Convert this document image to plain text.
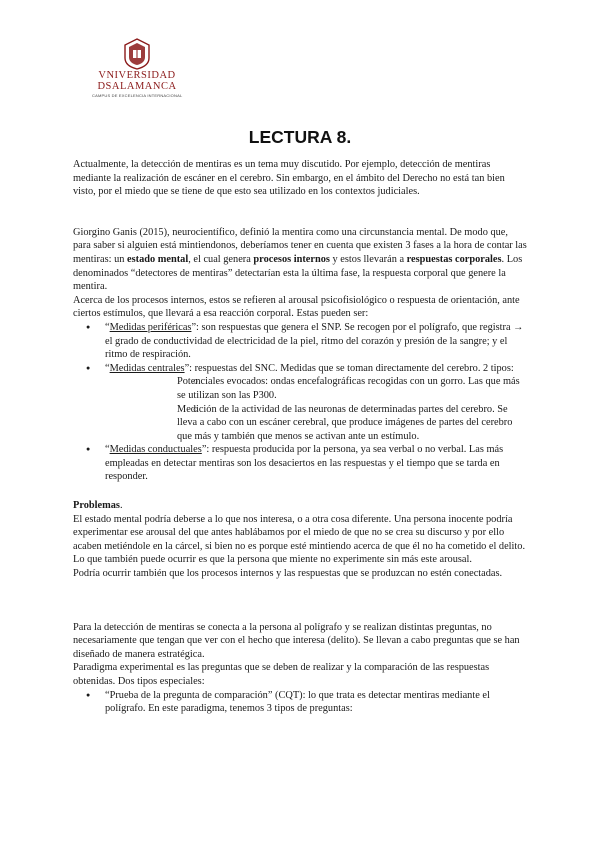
VNIVERSIDAD
DSALAMANCA
CAMPUS DE EXCELENCIA INTERNACIONAL
LECTURA 8.

Actualmente, la detección de mentiras es un tema muy discutido. Por ejemplo, detección de mentiras mediante la realización de escáner en el cerebro. Sin embargo, en el ámbito del Derecho no está tan bien visto, por el miedo que se tiene de que esto sea utilizado en los contextos judiciales.

Giorgino Ganis (2015), neurocientífico, definió la mentira como una circunstancia mental. De modo que, para saber si alguien está mintiendonos, deberíamos tener en cuenta que existen 3 fases a la hora de contar las mentiras: un estado mental, el cual genera procesos internos y estos llevarán a respuestas corporales. Los denominados “detectores de mentiras” detectarían esta la última fase, la respuesta corporal que genere la mentira.

Acerca de los procesos internos, estos se refieren al arousal psicofisiológico o respuesta de orientación, ante ciertos estímulos, que llevará a esa reacción corporal. Estas pueden ser:

● “Medidas periféricas”: son respuestas que genera el SNP. Se recogen por el polígrafo, que registra → el grado de conductividad de electricidad de la piel, ritmo del corazón y presión de la sangre; y el ritmo de respiración.
● “Medidas centrales”: respuestas del SNC. Medidas que se toman directamente del cerebro. 2 tipos:
○ Potenciales evocados: ondas encefalográficas recogidas con un gorro. Las que más se utilizan son las P300.
○ Medición de la actividad de las neuronas de determinadas partes del cerebro. Se lleva a cabo con un escáner cerebral, que produce imágenes de partes del cerebro que más y también que menos se activan ante un estímulo.
● “Medidas conductuales”: respuesta producida por la persona, ya sea verbal o no verbal. Las más empleadas en detectar mentiras son los desaciertos en las respuestas y el tiempo que se tarda en responder.

Problemas.

El estado mental podría deberse a lo que nos interesa, o a otra cosa diferente. Una persona inocente podría experimentar ese arousal del que antes hablábamos por el miedo de que no se crea su discurso y por ello acaben metiéndole en la cárcel, si bien no es porque esté mintiendo acerca de que él no ha cometido el delito. Lo que también puede ocurrir es que la persona que miente no experimente sin más este arousal.

Podría ocurrir también que los procesos internos y las respuestas que se produzcan no estén conectadas.

Para la detección de mentiras se conecta a la persona al polígrafo y se realizan distintas preguntas, no necesariamente que tengan que ver con el hecho que interesa (delito). Se llevan a cabo preguntas que se han diseñado de manera estratégica.

Paradigma experimental es las preguntas que se deben de realizar y la comparación de las respuestas obtenidas. Dos tipos especiales:

● “Prueba de la pregunta de comparación” (CQT): lo que trata es detectar mentiras mediante el polígrafo. En este paradigma, tenemos 3 tipos de preguntas:
